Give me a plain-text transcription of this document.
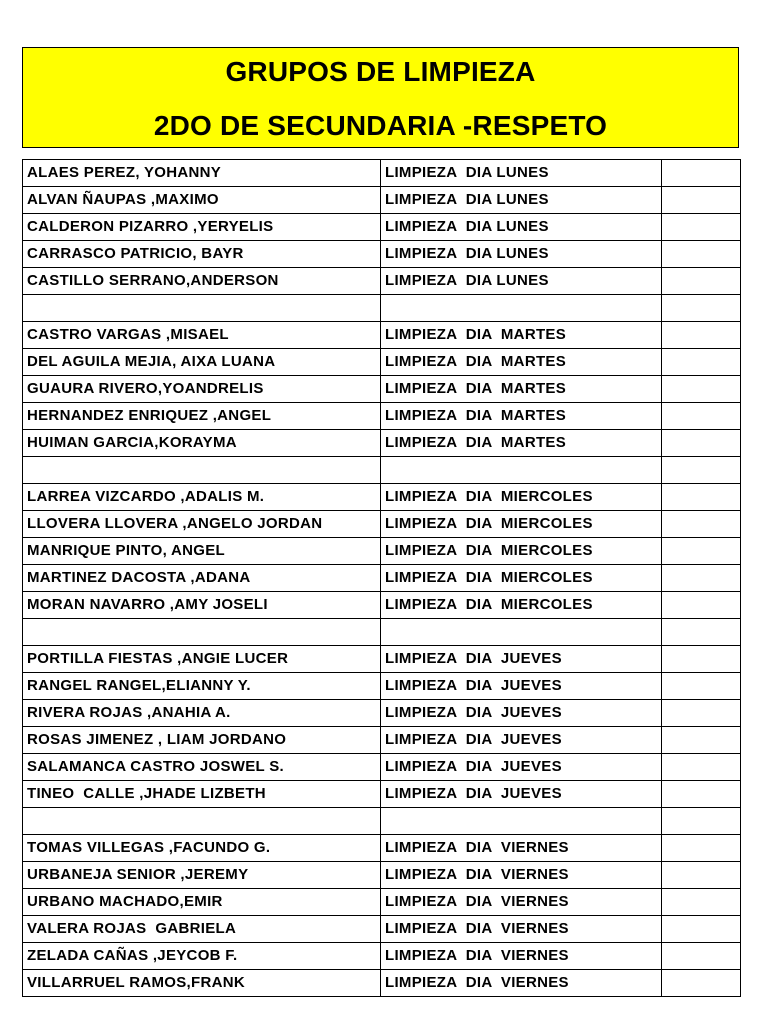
GRUPOS DE LIMPIEZA
2DO DE SECUNDARIA -RESPETO
ALAES PEREZ, YOHANNY	LIMPIEZA  DIA LUNES	
ALVAN ÑAUPAS ,MAXIMO	LIMPIEZA  DIA LUNES	
CALDERON PIZARRO ,YERYELIS	LIMPIEZA  DIA LUNES	
CARRASCO PATRICIO, BAYR	LIMPIEZA  DIA LUNES	
CASTILLO SERRANO,ANDERSON	LIMPIEZA  DIA LUNES	

CASTRO VARGAS ,MISAEL	LIMPIEZA  DIA  MARTES	
DEL AGUILA MEJIA, AIXA LUANA	LIMPIEZA  DIA  MARTES	
GUAURA RIVERO,YOANDRELIS	LIMPIEZA  DIA  MARTES	
HERNANDEZ ENRIQUEZ ,ANGEL	LIMPIEZA  DIA  MARTES	
HUIMAN GARCIA,KORAYMA	LIMPIEZA  DIA  MARTES	

LARREA VIZCARDO ,ADALIS M.	LIMPIEZA  DIA  MIERCOLES	
LLOVERA LLOVERA ,ANGELO JORDAN	LIMPIEZA  DIA  MIERCOLES	
MANRIQUE PINTO, ANGEL	LIMPIEZA  DIA  MIERCOLES	
MARTINEZ DACOSTA ,ADANA	LIMPIEZA  DIA  MIERCOLES	
MORAN NAVARRO ,AMY JOSELI	LIMPIEZA  DIA  MIERCOLES	

PORTILLA FIESTAS ,ANGIE LUCER	LIMPIEZA  DIA  JUEVES	
RANGEL RANGEL,ELIANNY Y.	LIMPIEZA  DIA  JUEVES	
RIVERA ROJAS ,ANAHIA A.	LIMPIEZA  DIA  JUEVES	
ROSAS JIMENEZ , LIAM JORDANO	LIMPIEZA  DIA  JUEVES	
SALAMANCA CASTRO JOSWEL S.	LIMPIEZA  DIA  JUEVES	
TINEO  CALLE ,JHADE LIZBETH	LIMPIEZA  DIA  JUEVES	

TOMAS VILLEGAS ,FACUNDO G.	LIMPIEZA  DIA  VIERNES	
URBANEJA SENIOR ,JEREMY	LIMPIEZA  DIA  VIERNES	
URBANO MACHADO,EMIR	LIMPIEZA  DIA  VIERNES	
VALERA ROJAS  GABRIELA	LIMPIEZA  DIA  VIERNES	
ZELADA CAÑAS ,JEYCOB F.	LIMPIEZA  DIA  VIERNES	
VILLARRUEL RAMOS,FRANK	LIMPIEZA  DIA  VIERNES	
